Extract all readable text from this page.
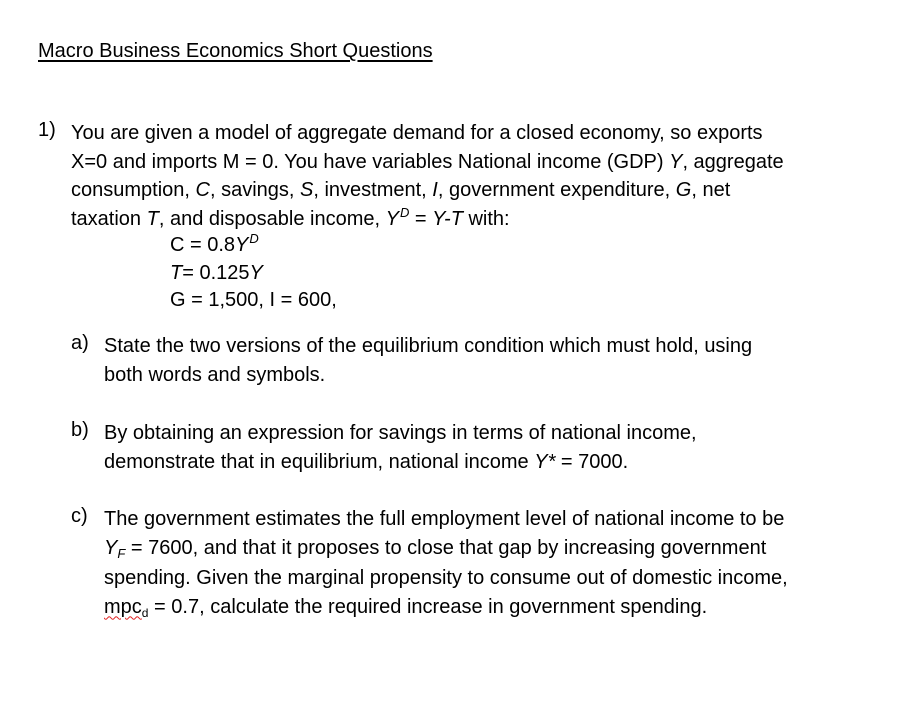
Macro Business Economics Short Questions
1) You are given a model of aggregate demand for a closed economy, so exports
X=0 and imports M = 0. You have variables National income (GDP) Y, aggregate
consumption, C, savings, S, investment, I, government expenditure, G, net
taxation T, and disposable income, $Y^D = Y-T$ with:
$C = 0.8Y^D$
T= 0.125Y
G = 1,500, I = 600,
a) State the two versions of the equilibrium condition which must hold, using
both words and symbols.
b) By obtaining an expression for savings in terms of national income,
demonstrate that in equilibrium, national income Y* = 7000.
c) The government estimates the full employment level of national income to be
$Y_F = 7600$, and that it proposes to close that gap by increasing government
spending. Given the marginal propensity to consume out of domestic income,
mpc$_d$ = 0.7, calculate the required increase in government spending.
